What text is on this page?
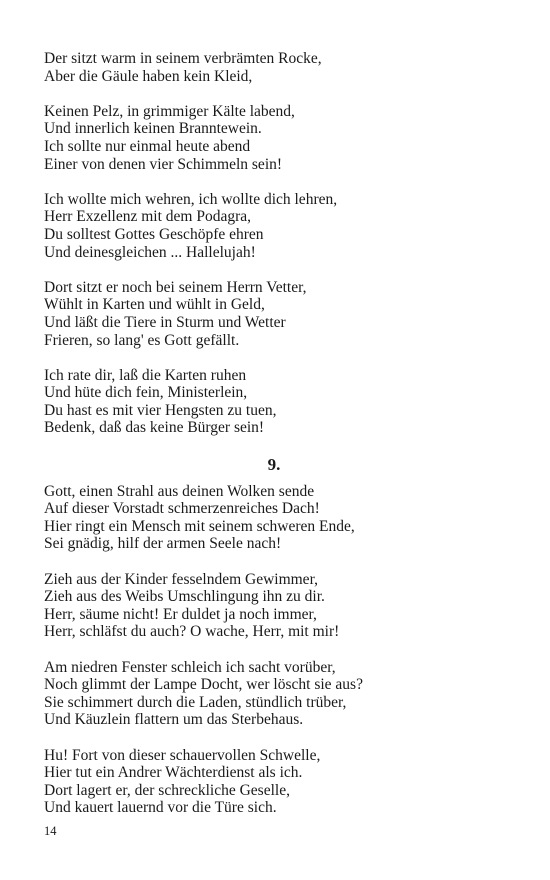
Der sitzt warm in seinem verbrämten Rocke,
Aber die Gäule haben kein Kleid,
Keinen Pelz, in grimmiger Kälte labend,
Und innerlich keinen Branntewein.
Ich sollte nur einmal heute abend
Einer von denen vier Schimmeln sein!
Ich wollte mich wehren, ich wollte dich lehren,
Herr Exzellenz mit dem Podagra,
Du solltest Gottes Geschöpfe ehren
Und deinesgleichen ... Hallelujah!
Dort sitzt er noch bei seinem Herrn Vetter,
Wühlt in Karten und wühlt in Geld,
Und läßt die Tiere in Sturm und Wetter
Frieren, so lang' es Gott gefällt.
Ich rate dir, laß die Karten ruhen
Und hüte dich fein, Ministerlein,
Du hast es mit vier Hengsten zu tuen,
Bedenk, daß das keine Bürger sein!
9.
Gott, einen Strahl aus deinen Wolken sende
Auf dieser Vorstadt schmerzenreiches Dach!
Hier ringt ein Mensch mit seinem schweren Ende,
Sei gnädig, hilf der armen Seele nach!
Zieh aus der Kinder fesselndem Gewimmer,
Zieh aus des Weibs Umschlingung ihn zu dir.
Herr, säume nicht! Er duldet ja noch immer,
Herr, schläfst du auch? O wache, Herr, mit mir!
Am niedren Fenster schleich ich sacht vorüber,
Noch glimmt der Lampe Docht, wer löscht sie aus?
Sie schimmert durch die Laden, stündlich trüber,
Und Käuzlein flattern um das Sterbehaus.
Hu! Fort von dieser schauervollen Schwelle,
Hier tut ein Andrer Wächterdienst als ich.
Dort lagert er, der schreckliche Geselle,
Und kauert lauernd vor die Türe sich.
14
